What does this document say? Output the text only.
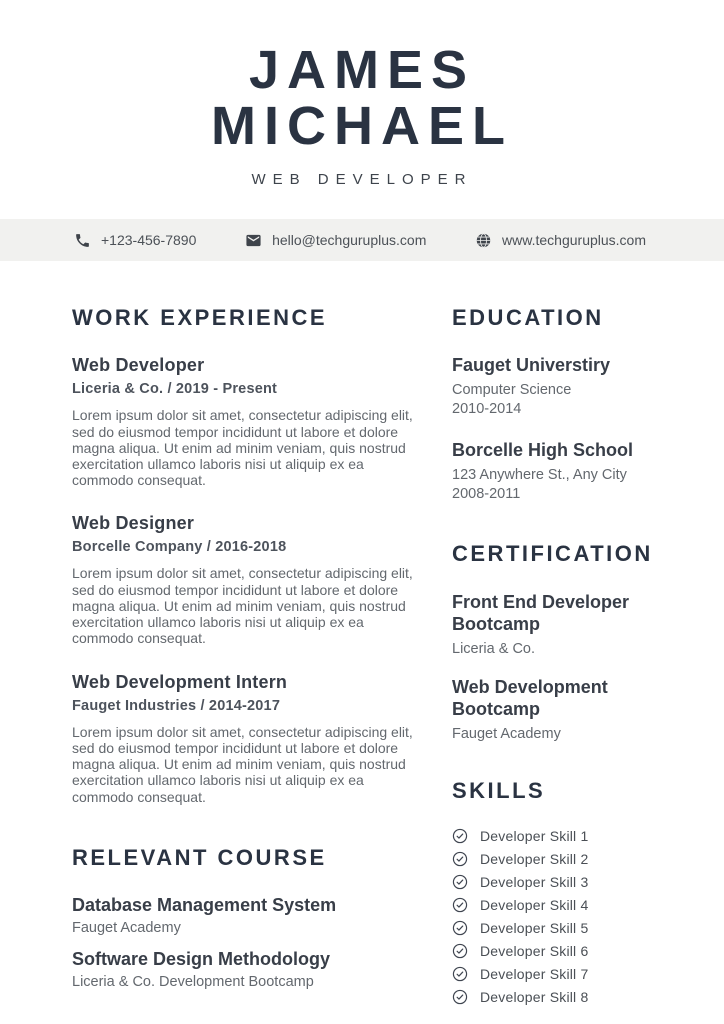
JAMES
MICHAEL
WEB DEVELOPER
+123-456-7890	hello@techguruplus.com	www.techguruplus.com
WORK EXPERIENCE
Web Developer
Liceria & Co. / 2019 - Present

Lorem ipsum dolor sit amet, consectetur adipiscing elit, sed do eiusmod tempor incididunt ut labore et dolore magna aliqua. Ut enim ad minim veniam, quis nostrud exercitation ullamco laboris nisi ut aliquip ex ea commodo consequat.

Web Designer
Borcelle Company / 2016-2018

Lorem ipsum dolor sit amet, consectetur adipiscing elit, sed do eiusmod tempor incididunt ut labore et dolore magna aliqua. Ut enim ad minim veniam, quis nostrud exercitation ullamco laboris nisi ut aliquip ex ea commodo consequat.

Web Development Intern
Fauget Industries / 2014-2017

Lorem ipsum dolor sit amet, consectetur adipiscing elit, sed do eiusmod tempor incididunt ut labore et dolore magna aliqua. Ut enim ad minim veniam, quis nostrud exercitation ullamco laboris nisi ut aliquip ex ea commodo consequat.

RELEVANT COURSE
Database Management System
Fauget Academy
Software Design Methodology
Liceria & Co. Development Bootcamp
EDUCATION
Fauget Universtiry
Computer Science
2010-2014
Borcelle High School
123 Anywhere St., Any City
2008-2011
CERTIFICATION
Front End Developer Bootcamp
Liceria & Co.
Web Development Bootcamp
Fauget Academy
SKILLS
Developer Skill 1
Developer Skill 2
Developer Skill 3
Developer Skill 4
Developer Skill 5
Developer Skill 6
Developer Skill 7
Developer Skill 8
